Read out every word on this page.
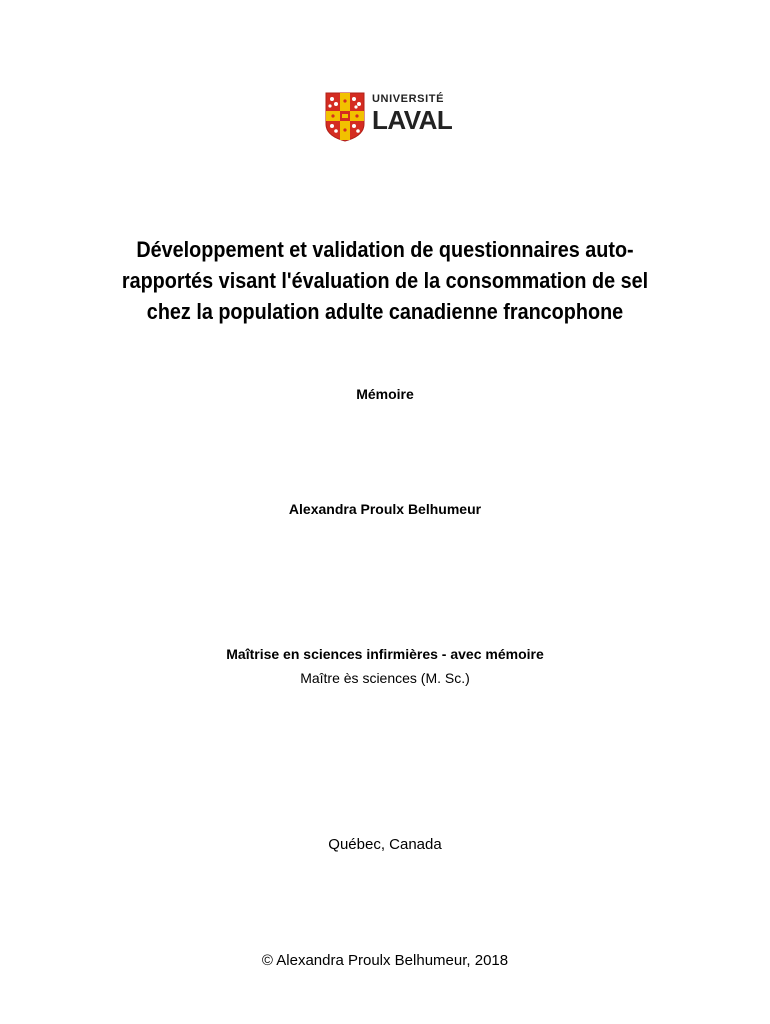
UNIVERSITÉ
LAVAL
Développement et validation de questionnaires auto-
rapportés visant l'évaluation de la consommation de sel
chez la population adulte canadienne francophone
Mémoire
Alexandra Proulx Belhumeur
Maîtrise en sciences infirmières - avec mémoire
Maître ès sciences (M. Sc.)
Québec, Canada
© Alexandra Proulx Belhumeur, 2018
